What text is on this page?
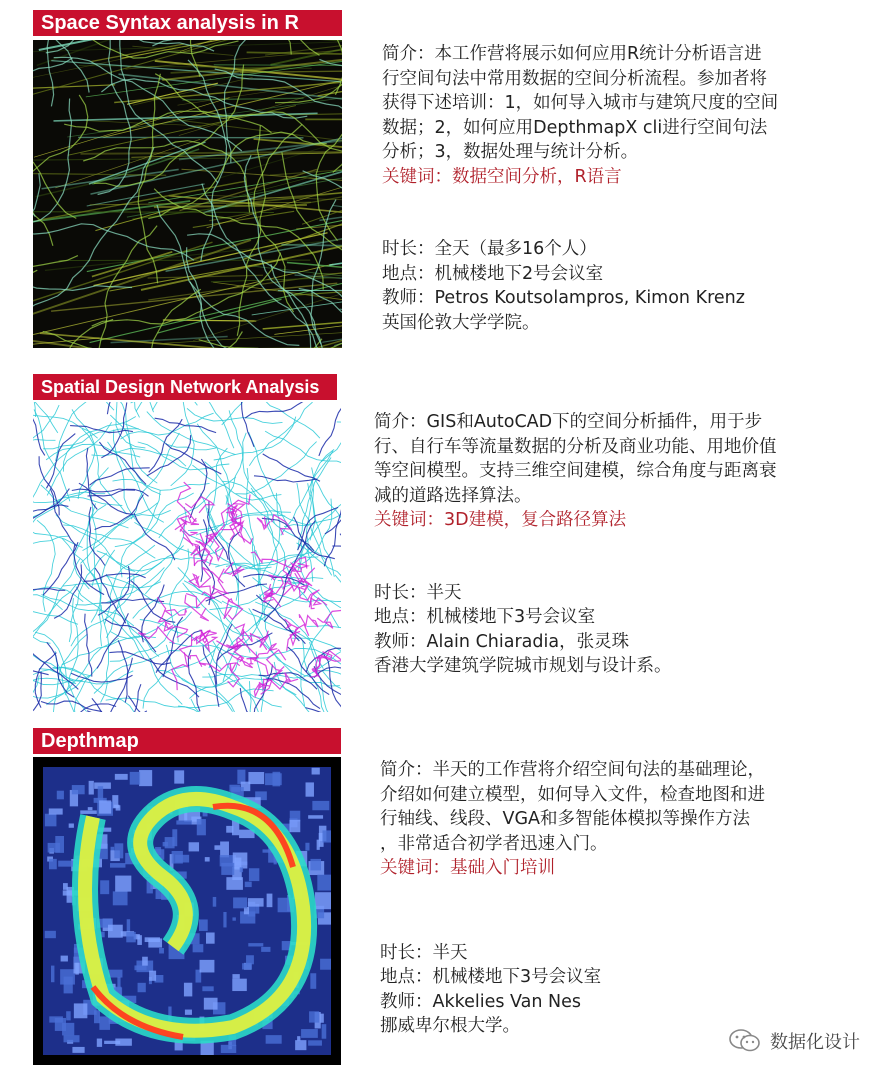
Space Syntax analysis in R

简介：本工作营将展示如何应用R统计分析语言进

行空间句法中常用数据的空间分析流程。参加者将

获得下述培训：1，如何导入城市与建筑尺度的空间

数据；2，如何应用DepthmapX cli进行空间句法

分析；3，数据处理与统计分析。

关键词：数据空间分析，R语言

时长：全天（最多16个人）

地点：机械楼地下2号会议室

教师：Petros Koutsolampros, Kimon Krenz

英国伦敦大学学院。

Spatial Design Network Analysis

简介：GIS和AutoCAD下的空间分析插件，用于步

行、自行车等流量数据的分析及商业功能、用地价值

等空间模型。支持三维空间建模，综合角度与距离衰

减的道路选择算法。

关键词：3D建模，复合路径算法

时长：半天

地点：机械楼地下3号会议室

教师：Alain Chiaradia，张灵珠

香港大学建筑学院城市规划与设计系。

Depthmap

简介：半天的工作营将介绍空间句法的基础理论，

介绍如何建立模型，如何导入文件，检查地图和进

行轴线、线段、VGA和多智能体模拟等操作方法

，非常适合初学者迅速入门。

关键词：基础入门培训

时长：半天

地点：机械楼地下3号会议室

教师：Akkelies Van Nes

挪威卑尔根大学。

数据化设计
